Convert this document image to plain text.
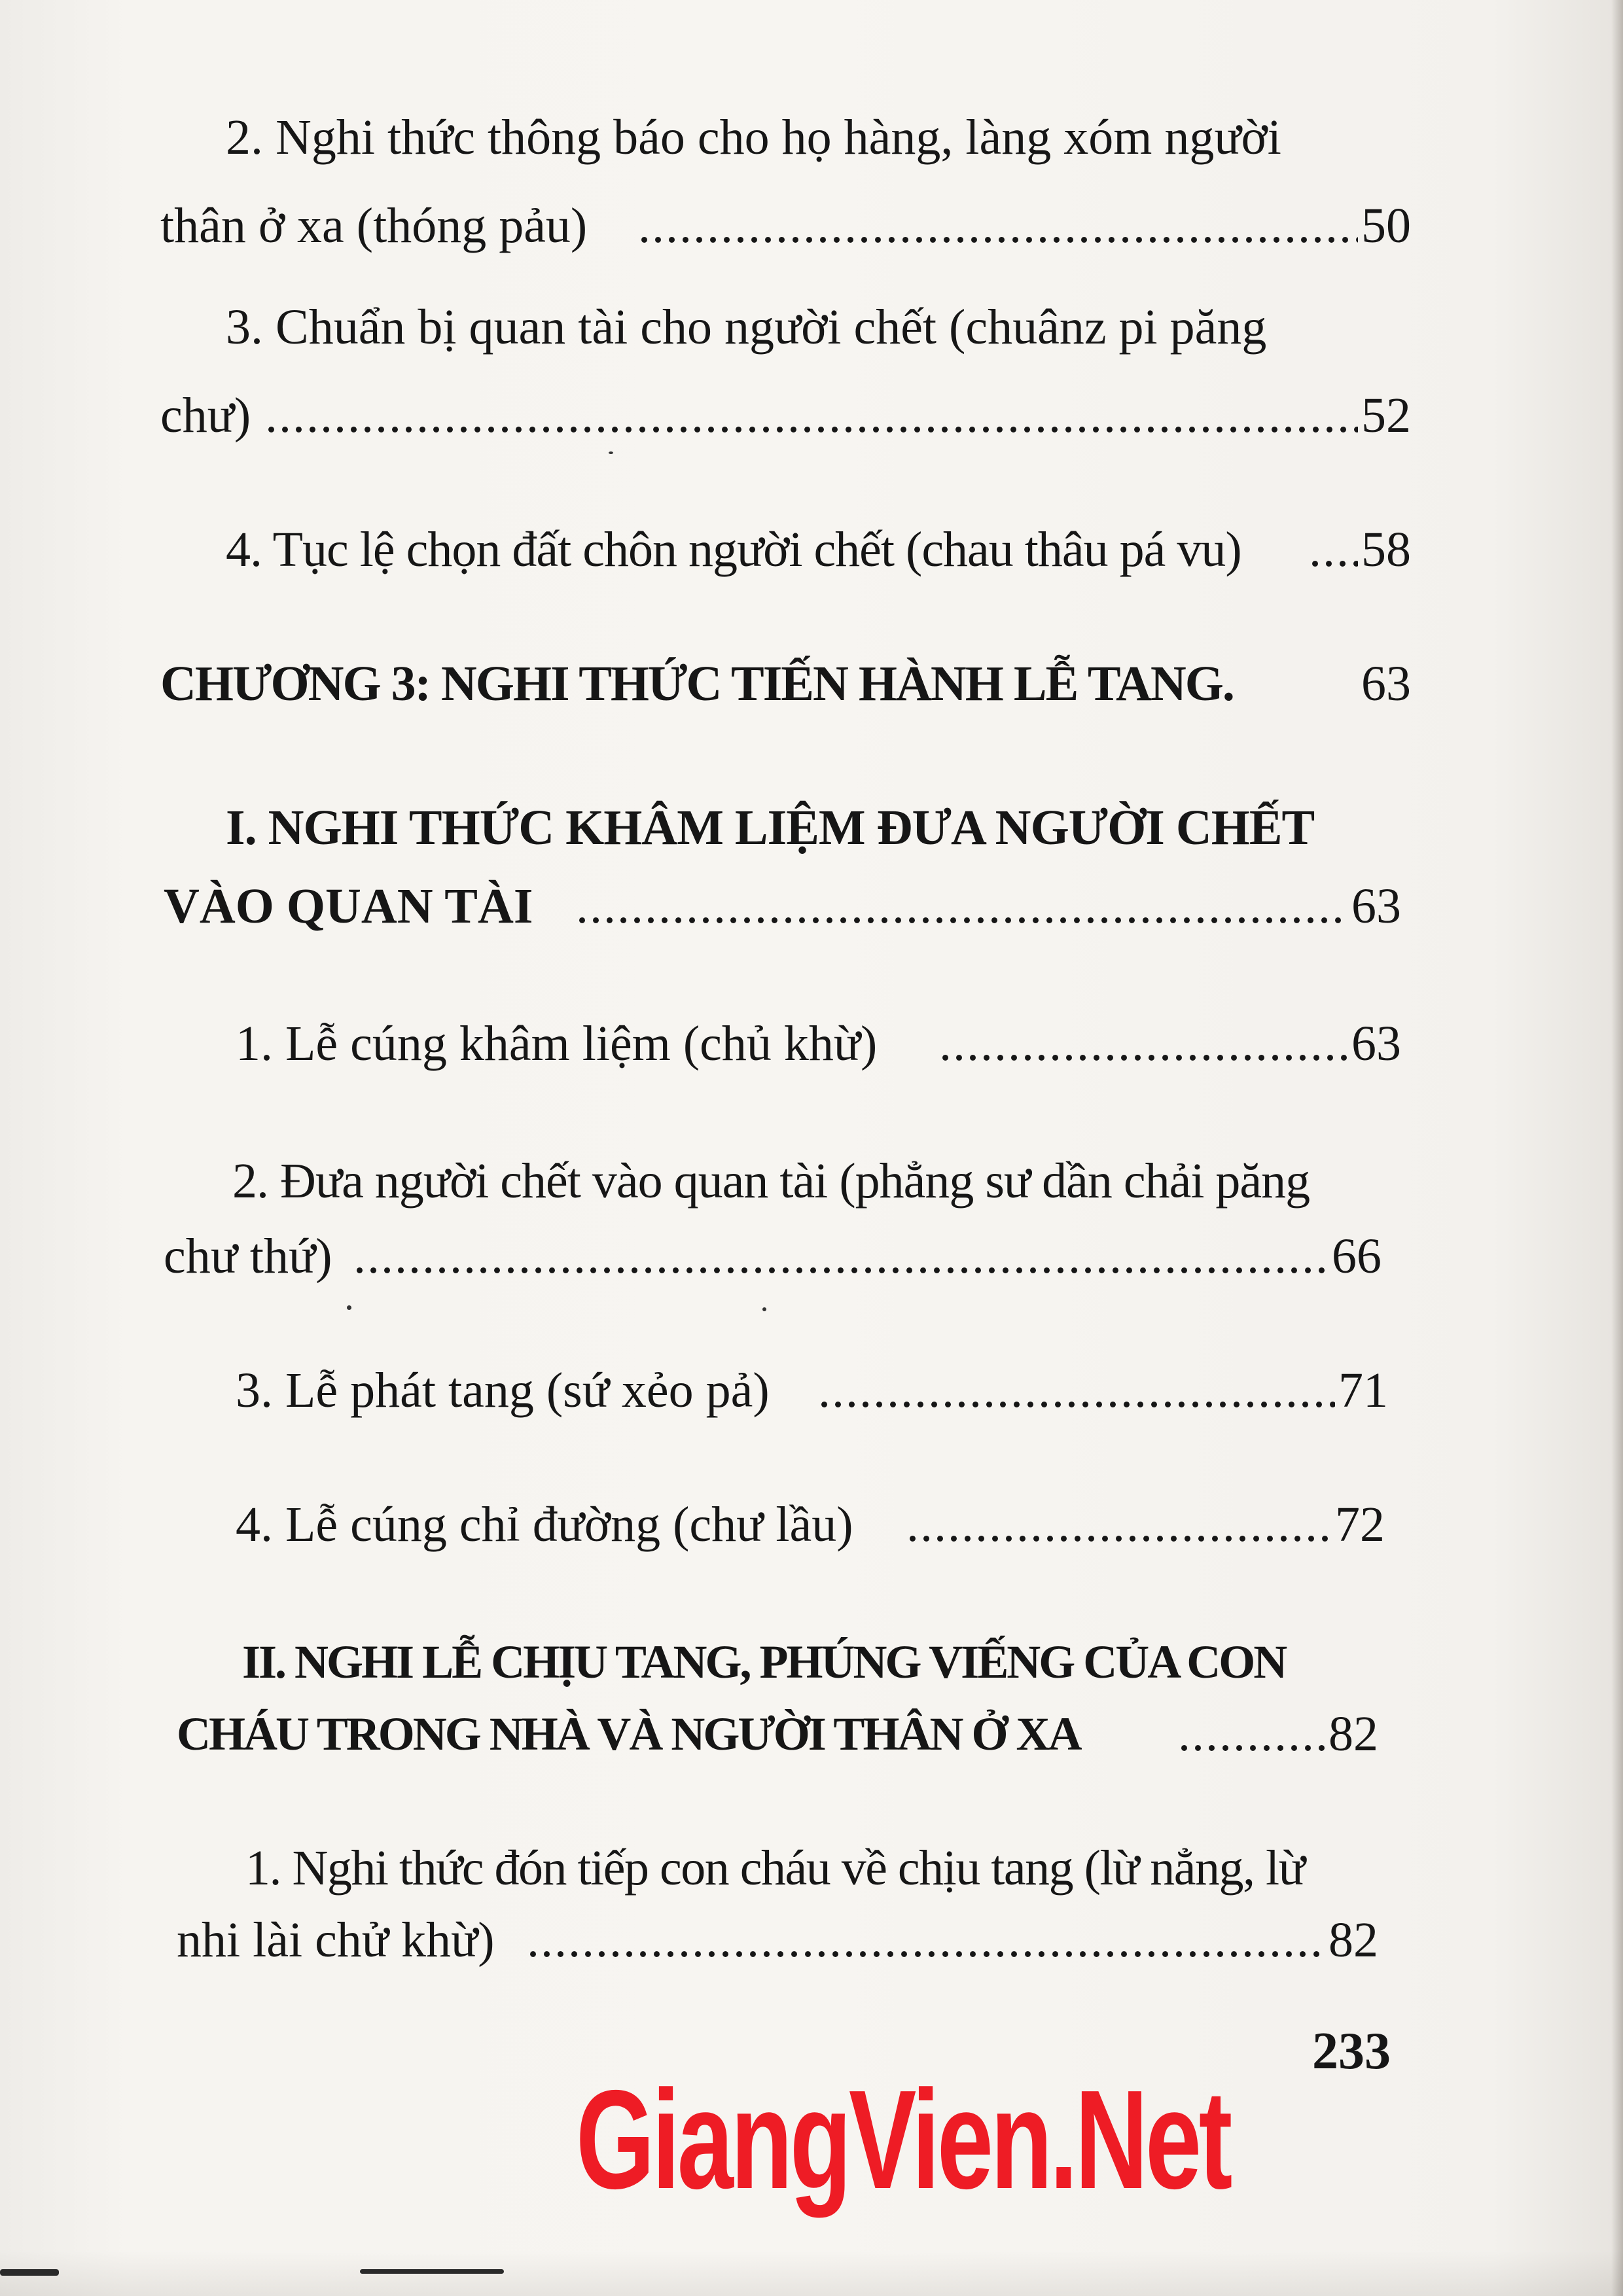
2. Nghi thức thông báo cho họ hàng, làng xóm người
thân ở xa (thóng pảu) .....	50
3. Chuẩn bị quan tài cho người chết (chuânz pi păng
chư) .....	52
4. Tục lệ chọn đất chôn người chết (chau thâu pá vu) ..... 58
CHƯƠNG 3: NGHI THỨC TIẾN HÀNH LỄ TANG.	63
I. NGHI THỨC KHÂM LIỆM ĐƯA NGƯỜI CHẾT
VÀO QUAN TÀI .....	63
1. Lễ cúng khâm liệm (chủ khừ) .....	63
2. Đưa người chết vào quan tài (phẳng sư dần chải păng
chư thứ) .....	66
3. Lễ phát tang (sứ xẻo pả) .....	71
4. Lễ cúng chỉ đường (chư lầu) .....	72
II. NGHI LỄ CHỊU TANG, PHÚNG VIẾNG CỦA CON
CHÁU TRONG NHÀ VÀ NGƯỜI THÂN Ở XA .....	82
1. Nghi thức đón tiếp con cháu về chịu tang (lừ nẳng, lừ
nhi lài chử khừ) .....	82
233
GiangVien.Net
